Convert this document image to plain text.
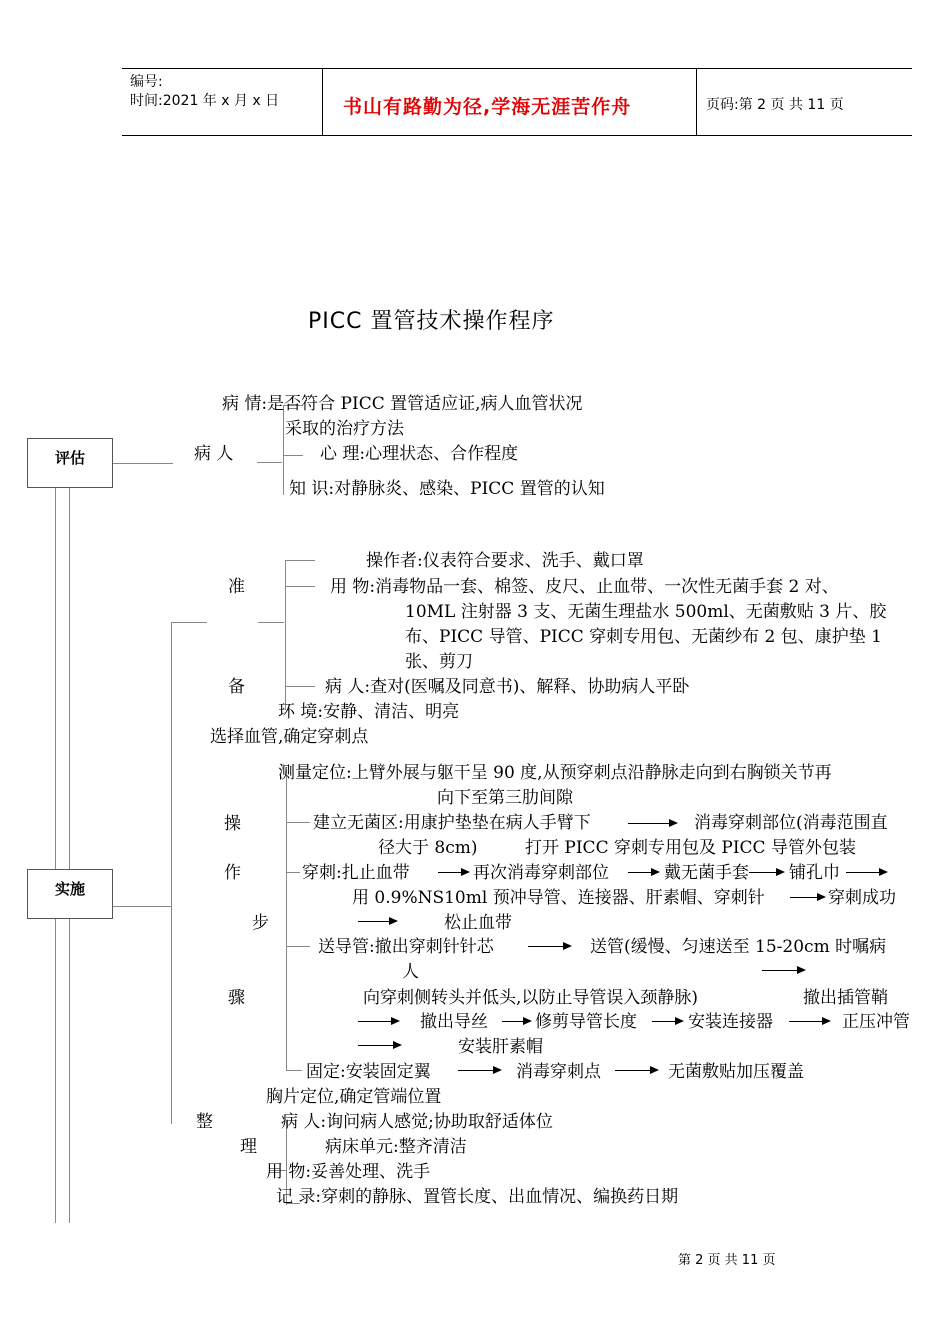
编号:
时间:2021 年 x 月 x 日	书山有路勤为径,学海无涯苦作舟	页码:第 2 页 共 11 页
PICC 置管技术操作程序
评估
实施
病 人
病 情:是否符合 PICC 置管适应证,病人血管状况
采取的治疗方法
心 理:心理状态、合作程度
知 识:对静脉炎、感染、PICC 置管的认知
准
备
操作者:仪表符合要求、洗手、戴口罩
用 物:消毒物品一套、棉签、皮尺、止血带、一次性无菌手套 2 对、
10ML 注射器 3 支、无菌生理盐水 500ml、无菌敷贴 3 片、胶
布、PICC 导管、PICC 穿刺专用包、无菌纱布 2 包、康护垫 1
张、剪刀
病 人:查对(医嘱及同意书)、解释、协助病人平卧
环 境:安静、清洁、明亮
选择血管,确定穿刺点
操
作
步
骤
测量定位:上臂外展与躯干呈 90 度,从预穿刺点沿静脉走向到右胸锁关节再
向下至第三肋间隙
建立无菌区:用康护垫垫在病人手臂下	消毒穿刺部位(消毒范围直
径大于 8cm)	打开 PICC 穿刺专用包及 PICC 导管外包装
穿刺:扎止血带	再次消毒穿刺部位	戴无菌手套 铺孔巾
用 0.9%NS10ml 预冲导管、连接器、肝素帽、穿刺针	穿刺成功
松止血带
送导管:撤出穿刺针针芯	送管(缓慢、匀速送至 15-20cm 时嘱病
人
向穿刺侧转头并低头,以防止导管误入颈静脉)	撤出插管鞘
撤出导丝	修剪导管长度	安装连接器	正压冲管
安装肝素帽
固定:安装固定翼	消毒穿刺点	无菌敷贴加压覆盖
胸片定位,确定管端位置
整
理
病 人:询问病人感觉;协助取舒适体位
病床单元:整齐清洁
用 物:妥善处理、洗手
记 录:穿刺的静脉、置管长度、出血情况、编换药日期
第 2 页 共 11 页
